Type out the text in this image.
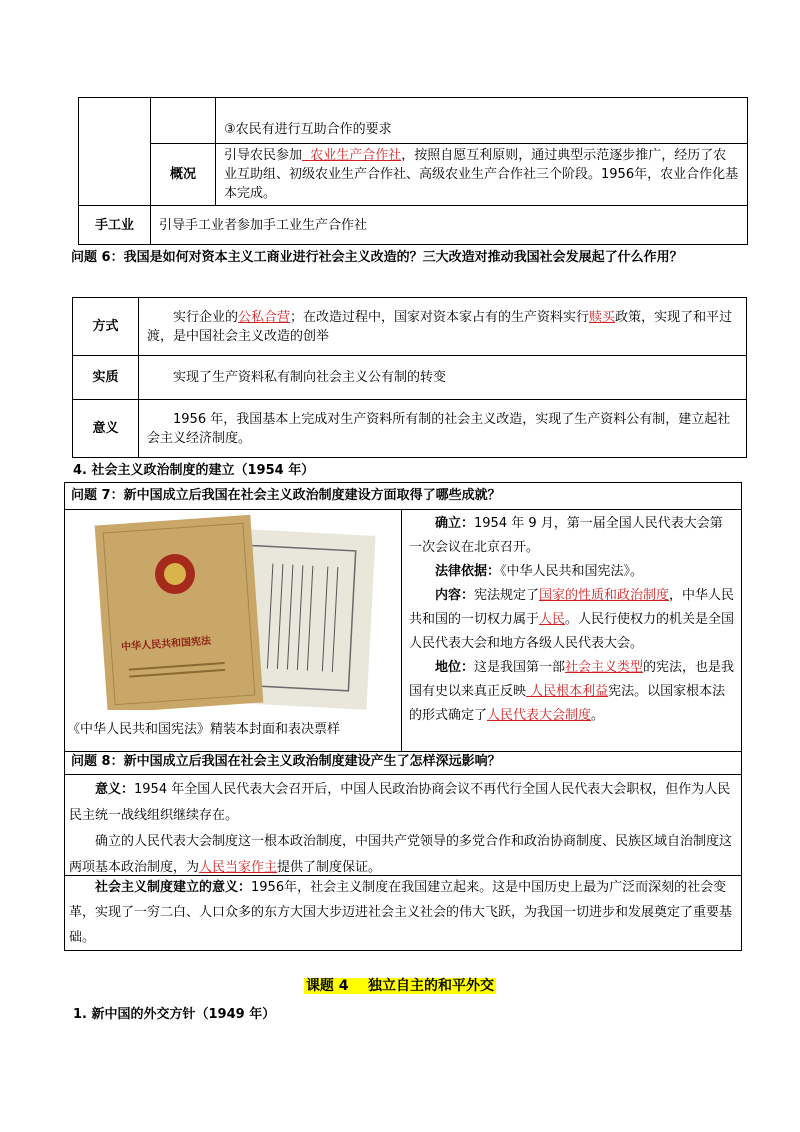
		③农民有进行互助合作的要求
	概况	引导农民参加  农业生产合作社，按照自愿互利原则，通过典型示范逐步推广，经历了农业互助组、初级农业生产合作社、高级农业生产合作社三个阶段。1956年，农业合作化基本完成。
手工业	引导手工业者参加手工业生产合作社	
问题 6：我国是如何对资本主义工商业进行社会主义改造的？三大改造对推动我国社会发展起了什么作用？
方式	实行企业的公私合营；在改造过程中，国家对资本家占有的生产资料实行赎买政策，实现了和平过渡，是中国社会主义改造的创举

实质	实现了生产资料私有制向社会主义公有制的转变

意义	1956 年，我国基本上完成对生产资料所有制的社会主义改造，实现了生产资料公有制，建立起社会主义经济制度。

4. 社会主义政治制度的建立（1954 年）
问题 7：新中国成立后我国在社会主义政治制度建设方面取得了哪些成就？
中华人民共和国宪法
《中华人民共和国宪法》精装本封面和表决票样

确立：1954 年 9 月，第一届全国人民代表大会第一次会议在北京召开。

法律依据：《中华人民共和国宪法》。

内容：宪法规定了国家的性质和政治制度，中华人民共和国的一切权力属于人民。人民行使权力的机关是全国人民代表大会和地方各级人民代表大会。

地位：这是我国第一部社会主义类型的宪法，也是我国有史以来真正反映 人民根本利益宪法。以国家根本法的形式确定了人民代表大会制度。

问题 8：新中国成立后我国在社会主义政治制度建设产生了怎样深远影响？

意义：1954 年全国人民代表大会召开后，中国人民政治协商会议不再代行全国人民代表大会职权，但作为人民民主统一战线组织继续存在。

确立的人民代表大会制度这一根本政治制度，中国共产党领导的多党合作和政治协商制度、民族区域自治制度这两项基本政治制度，为人民当家作主提供了制度保证。

社会主义制度建立的意义：1956年，社会主义制度在我国建立起来。这是中国历史上最为广泛而深刻的社会变革，实现了一穷二白、人口众多的东方大国大步迈进社会主义社会的伟大飞跃，为我国一切进步和发展奠定了重要基础。

课题 4    独立自主的和平外交
1. 新中国的外交方针（1949 年）
